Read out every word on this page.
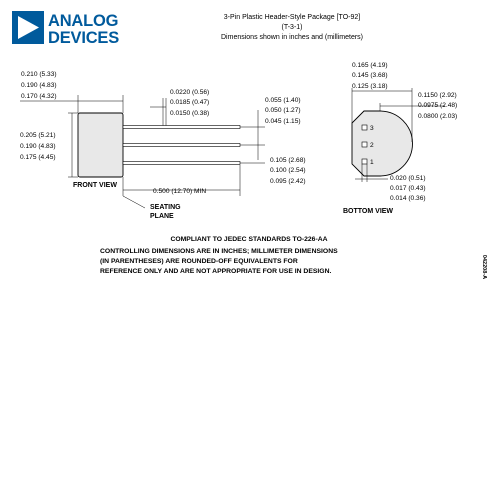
ANALOG
DEVICES
3-Pin Plastic Header-Style Package [TO-92]
(T-3-1)
Dimensions shown in inches and (millimeters)
0.210 (5.33)
0.190 (4.83)
0.170 (4.32)
0.205 (5.21)
0.190 (4.83)
0.175 (4.45)
0.0220 (0.56)
0.0185 (0.47)
0.0150 (0.38)
0.055 (1.40)
0.050 (1.27)
0.045 (1.15)
0.105 (2.68)
0.100 (2.54)
0.095 (2.42)
0.500 (12.70) MIN
SEATING
PLANE
FRONT VIEW
3
2
1
0.165 (4.19)
0.145 (3.68)
0.125 (3.18)
0.1150 (2.92)
0.0975 (2.48)
0.0800 (2.03)
0.020 (0.51)
0.017 (0.43)
0.014 (0.36)
BOTTOM VIEW
COMPLIANT TO JEDEC STANDARDS TO-226-AA
CONTROLLING DIMENSIONS ARE IN INCHES; MILLIMETER DIMENSIONS
(IN PARENTHESES) ARE ROUNDED-OFF EQUIVALENTS FOR
REFERENCE ONLY AND ARE NOT APPROPRIATE FOR USE IN DESIGN.	042208-A
